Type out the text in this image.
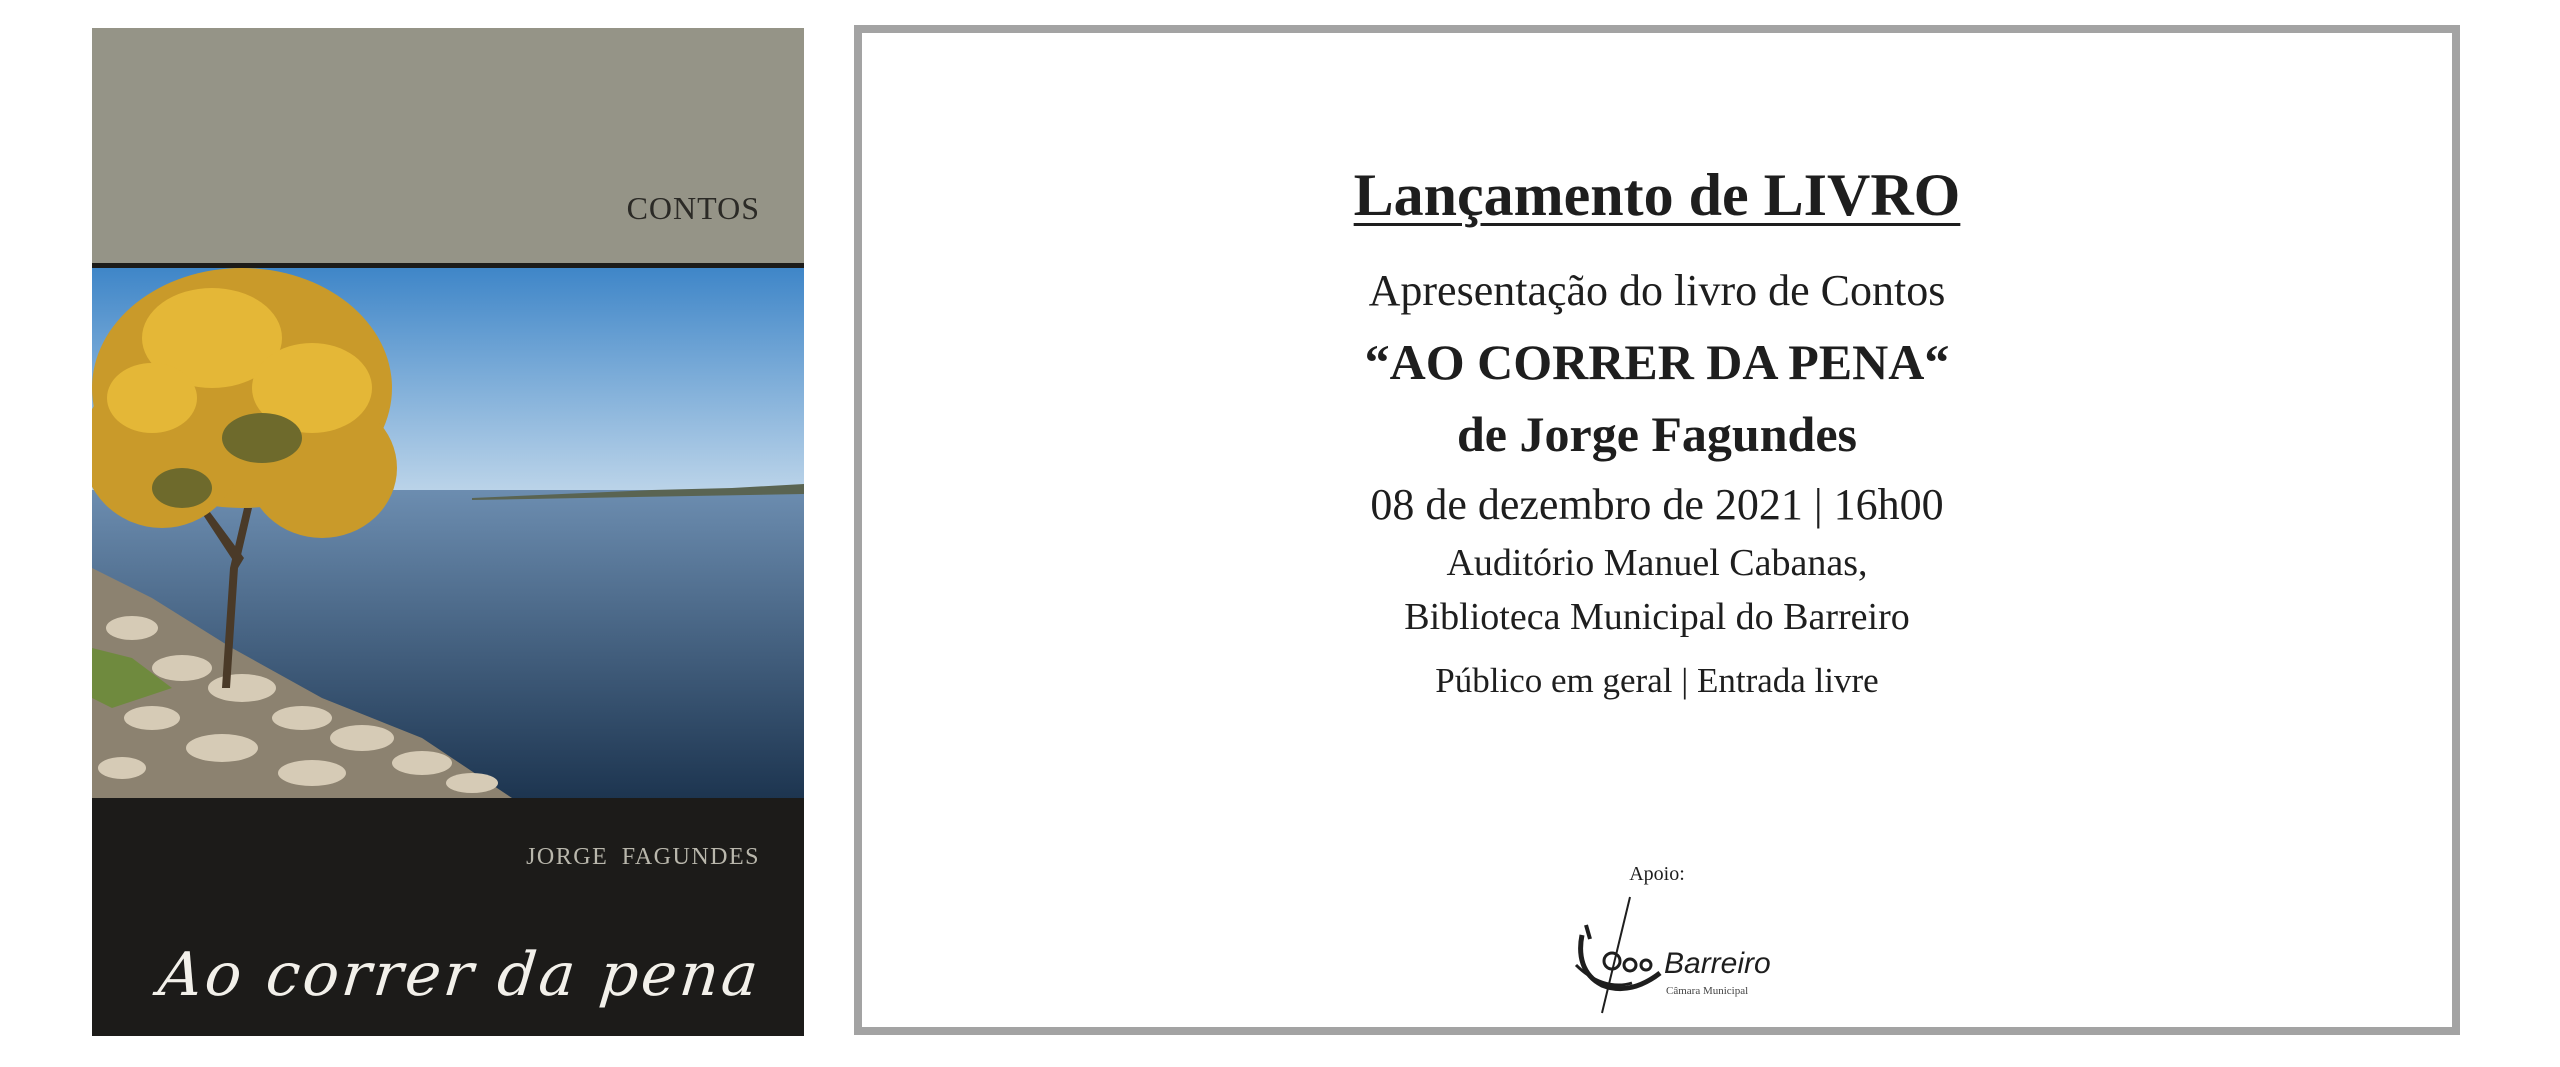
CONTOS
JORGE FAGUNDES
Ao correr da pena
Lançamento de LIVRO
Apresentação do livro de Contos
“AO CORRER DA PENA“
de Jorge Fagundes
08 de dezembro de 2021 | 16h00
Auditório Manuel Cabanas,
Biblioteca Municipal do Barreiro
Público em geral | Entrada livre
Apoio:
Barreiro
Câmara Municipal
